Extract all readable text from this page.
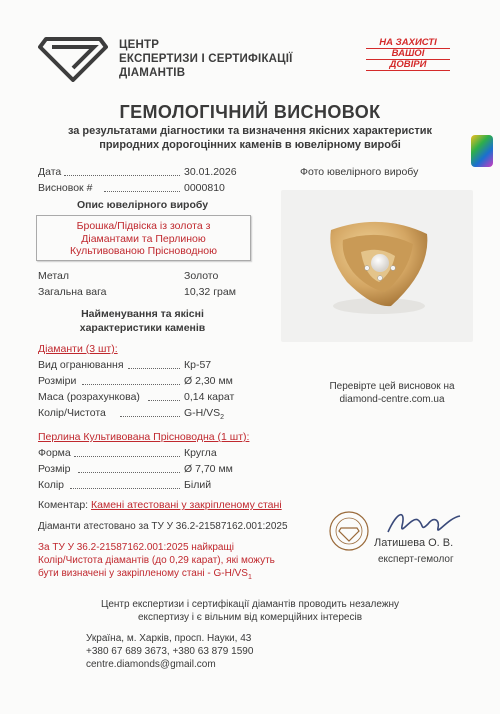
ЦЕНТР
ЕКСПЕРТИЗИ І СЕРТИФІКАЦІЇ
ДІАМАНТІВ
НА ЗАХИСТІ
ВАШОЇ
ДОВІРИ
ГЕМОЛОГІЧНИЙ ВИСНОВОК
за результатами діагностики та визначення якісних характеристик
природних дорогоцінних каменів в ювелірному виробі
Дата	30.01.2026
Висновок #	0000810
Фото ювелірного виробу
Опис ювелірного виробу
Брошка/Підвіска із золота з
Діамантами та Перлиною
Культивованою Прісноводною
Метал	Золото
Загальна вага	10,32 грам
Найменування та якісні
характеристики каменів
Діаманти (3 шт):
Вид огранювання	Кр-57
Розміри	Ø 2,30 мм
Маса (розрахункова)	0,14 карат
Колір/Чистота	$G-H/VS_2$
Перевірте цей висновок на
diamond-centre.com.ua
Перлина Культивована Прісноводна (1 шт):
Форма	Кругла
Розмір	Ø 7,70 мм
Колір	Білий
Коментар: Камені атестовані у закріпленому стані
Діаманти атестовано за ТУ У 36.2-21587162.001:2025
За ТУ У 36.2-21587162.001:2025 найкращі
Колір/Чистота діамантів (до 0,29 карат), які можуть
бути визначені у закріпленому стані - $G-H/VS_1$
Латишева О. В.
експерт-гемолог
Центр експертизи і сертифікації діамантів проводить незалежну
експертизу і є вільним від комерційних інтересів
Україна, м. Харків, просп. Науки, 43
+380 67 689 3673, +380 63 879 1590
centre.diamonds@gmail.com
